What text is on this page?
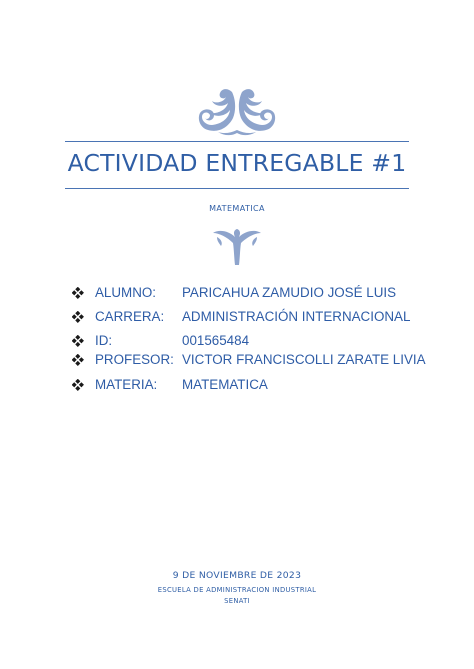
ACTIVIDAD ENTREGABLE #1
MATEMATICA
ALUMNO: PARICAHUA ZAMUDIO JOSÉ LUIS
CARRERA: ADMINISTRACIÓN INTERNACIONAL
ID:	001565484
PROFESOR: VICTOR FRANCISCOLLI ZARATE LIVIA
MATERIA: MATEMATICA
9 DE NOVIEMBRE DE 2023
ESCUELA DE ADMINISTRACION INDUSTRIAL
SENATI
